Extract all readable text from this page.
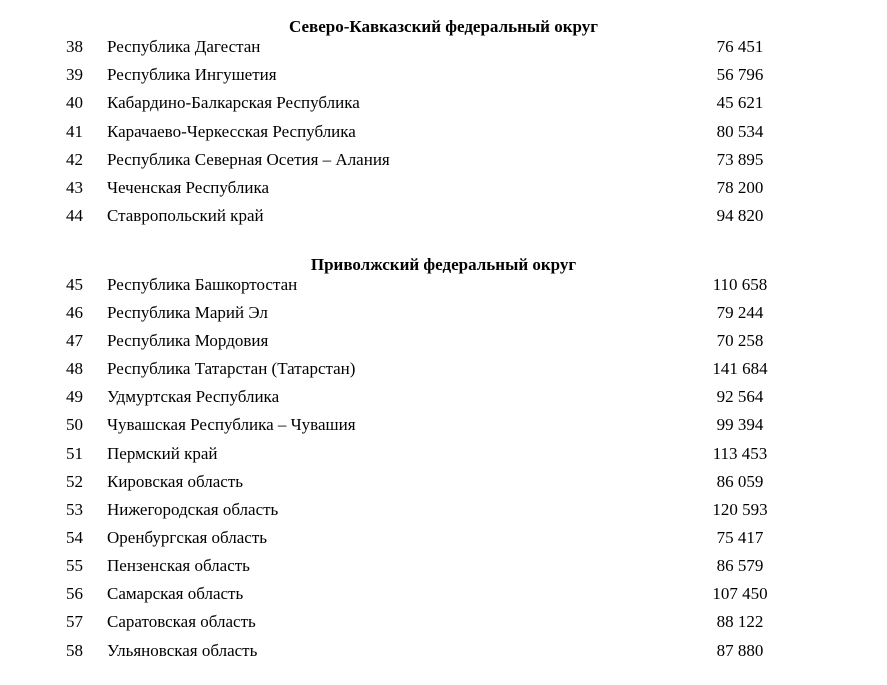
Северо-Кавказский федеральный округ
38	Республика Дагестан	76 451
39	Республика Ингушетия	56 796
40	Кабардино-Балкарская Республика	45 621
41	Карачаево-Черкесская Республика	80 534
42	Республика Северная Осетия – Алания	73 895
43	Чеченская Республика	78 200
44	Ставропольский край	94 820
Приволжский федеральный округ
45	Республика Башкортостан	110 658
46	Республика Марий Эл	79 244
47	Республика Мордовия	70 258
48	Республика Татарстан (Татарстан)	141 684
49	Удмуртская Республика	92 564
50	Чувашская Республика – Чувашия	99 394
51	Пермский край	113 453
52	Кировская область	86 059
53	Нижегородская область	120 593
54	Оренбургская область	75 417
55	Пензенская область	86 579
56	Самарская область	107 450
57	Саратовская область	88 122
58	Ульяновская область	87 880
